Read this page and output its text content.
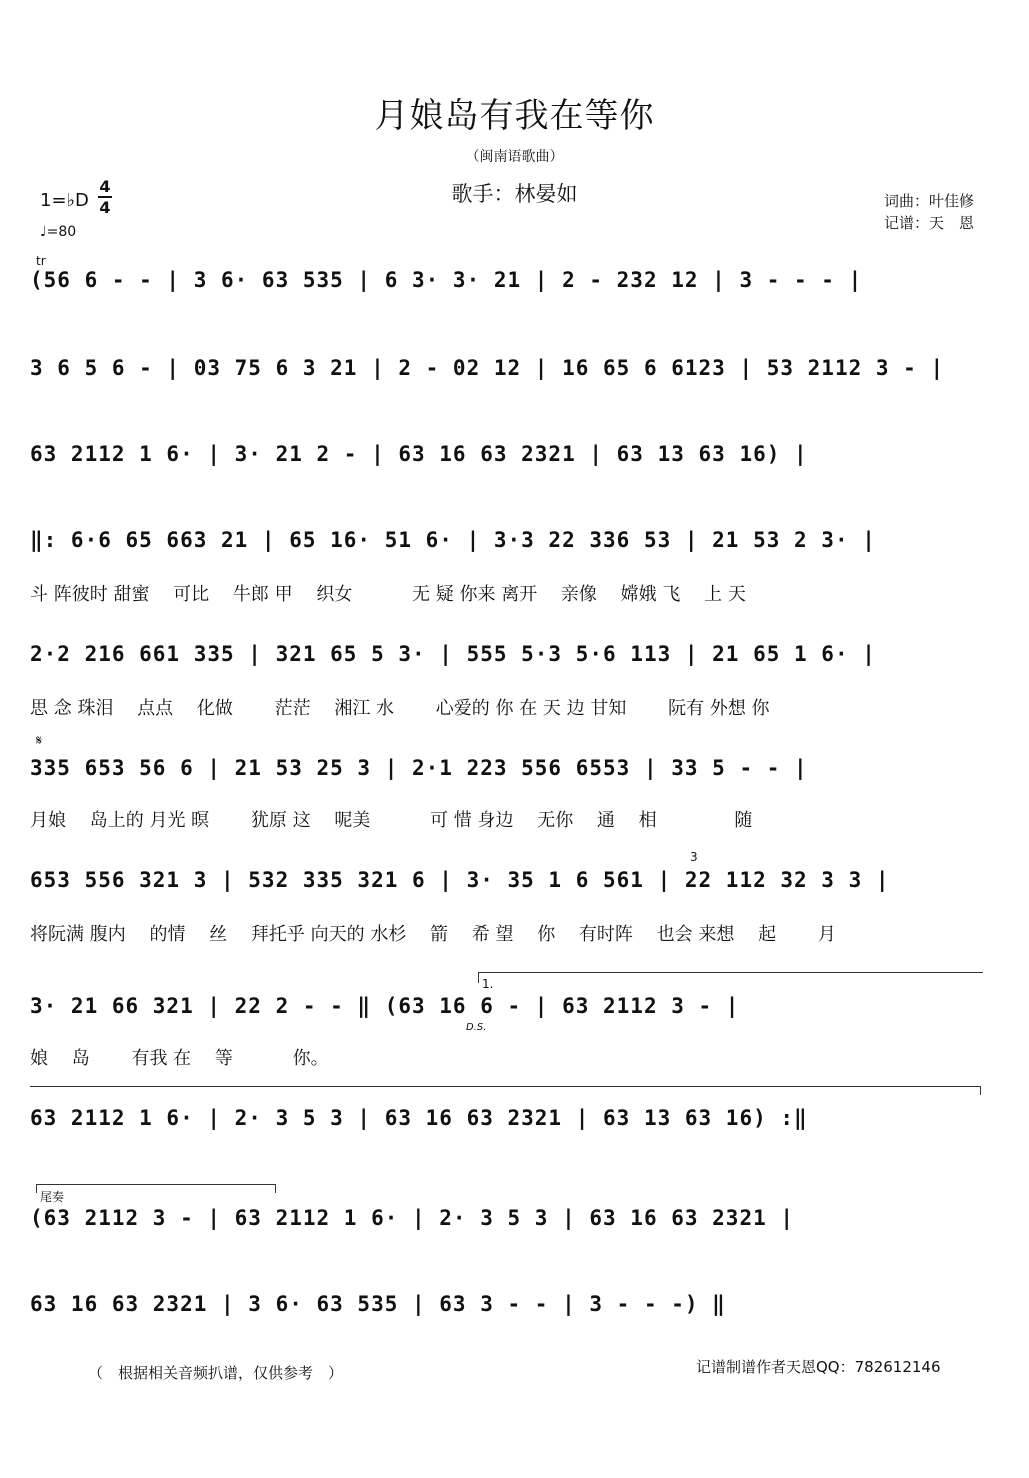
月娘岛有我在等你
（闽南语歌曲）
歌手：林晏如	词曲：叶佳修
记谱：天　恩
1=♭D
4
4
♩=80
tr
(56 6 - - | 3 6· 63 535 | 6 3· 3· 21 | 2 - 232 12 | 3 - - - |
3 6 5 6 - | 03 75 6 3 21 | 2 - 02 12 | 16 65 6 6123 | 53 2112 3 - |
63 2112 1 6· | 3· 21 2 - | 63 16 63 2321 | 63 13 63 16) |
‖: 6·6 65 663 21 | 65 16· 51 6· | 3·3 22 336 53 | 21 53 2 3· |
斗 阵彼时 甜蜜 　可比 　牛郎 甲 　织女 　　　无 疑 你来 离开 　亲像 　嫦娥 飞 　上 天
2·2 216 661 335 | 321 65 5 3· | 555 5·3 5·6 113 | 21 65 1 6· |
思 念 珠泪 　点点 　化做 　　茫茫 　湘江 水 　　心爱的 你 在 天 边 甘知 　　阮有 外想 你
𝄋
335 653 56 6 | 21 53 25 3 | 2·1 223 556 6553 | 33 5 - - |
月娘 　岛上的 月光 暝 　　犹原 这 　呢美 　　　可 惜 身边 　无你 　通 　相 　　　　随
3
653 556 321 3 | 532 335 321 6 | 3· 35 1 6 561 | 22 112 32 3 3 |
将阮满 腹内 　的情 　丝 　拜托乎 向天的 水杉 　箭 　希 望 　你 　有时阵 　也会 来想 　起 　　月
1.
3· 21 66 321 | 22 2 - - ‖ (63 16 6 - | 63 2112 3 - |
D.S.
娘 　岛 　　有我 在 　等 　　　你。
63 2112 1 6· | 2· 3 5 3 | 63 16 63 2321 | 63 13 63 16) :‖
尾奏
(63 2112 3 - | 63 2112 1 6· | 2· 3 5 3 | 63 16 63 2321 |
63 16 63 2321 | 3 6· 63 535 | 63 3 - - | 3 - - -) ‖
（　根据相关音频扒谱，仅供参考　）	记谱制谱作者天恩QQ：782612146
